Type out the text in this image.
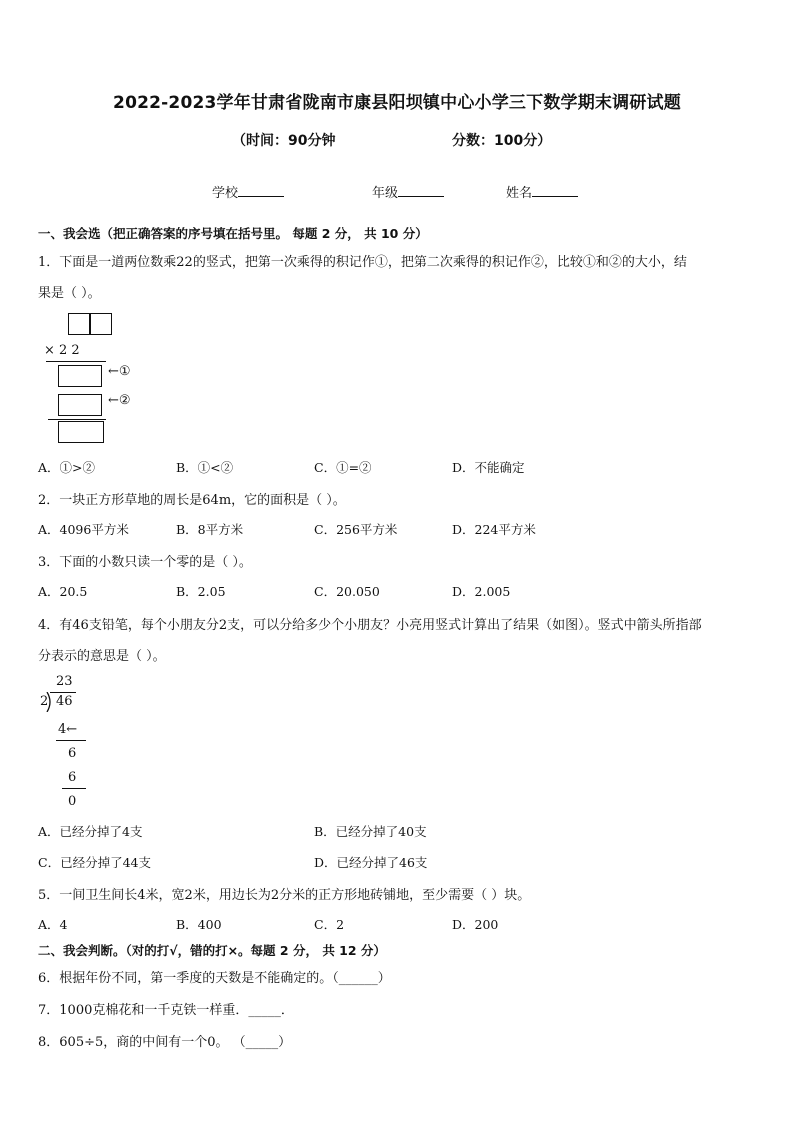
2022-2023学年甘肃省陇南市康县阳坝镇中心小学三下数学期末调研试题
（时间：90分钟	分数：100分）
学校	年级	姓名
一、我会选（把正确答案的序号填在括号里。 每题 2 分， 共 10 分）
1．下面是一道两位数乘22的竖式，把第一次乘得的积记作①，把第二次乘得的积记作②，比较①和②的大小，结
果是（ ）。
× 2 2
←①
←②
A．①>②	B．①<②	C．①=②	D．不能确定
2．一块正方形草地的周长是64m，它的面积是（ ）。
A．4096平方米	B．8平方米	C．256平方米	D．224平方米
3．下面的小数只读一个零的是（ ）。
A．20.5	B．2.05	C．20.050	D．2.005
4．有46支铅笔，每个小朋友分2支，可以分给多少个小朋友？小亮用竖式计算出了结果（如图）。竖式中箭头所指部
分表示的意思是（ ）。
23
2 46
4←
6
6
0
A．已经分掉了4支	B．已经分掉了40支
C．已经分掉了44支	D．已经分掉了46支
5．一间卫生间长4米，宽2米，用边长为2分米的正方形地砖铺地，至少需要（ ）块。
A．4	B．400	C．2	D．200
二、我会判断。（对的打√，错的打×。每题 2 分， 共 12 分）
6．根据年份不同，第一季度的天数是不能确定的。（______）
7．1000克棉花和一千克铁一样重．_____．
8．605÷5，商的中间有一个0。 （_____）
